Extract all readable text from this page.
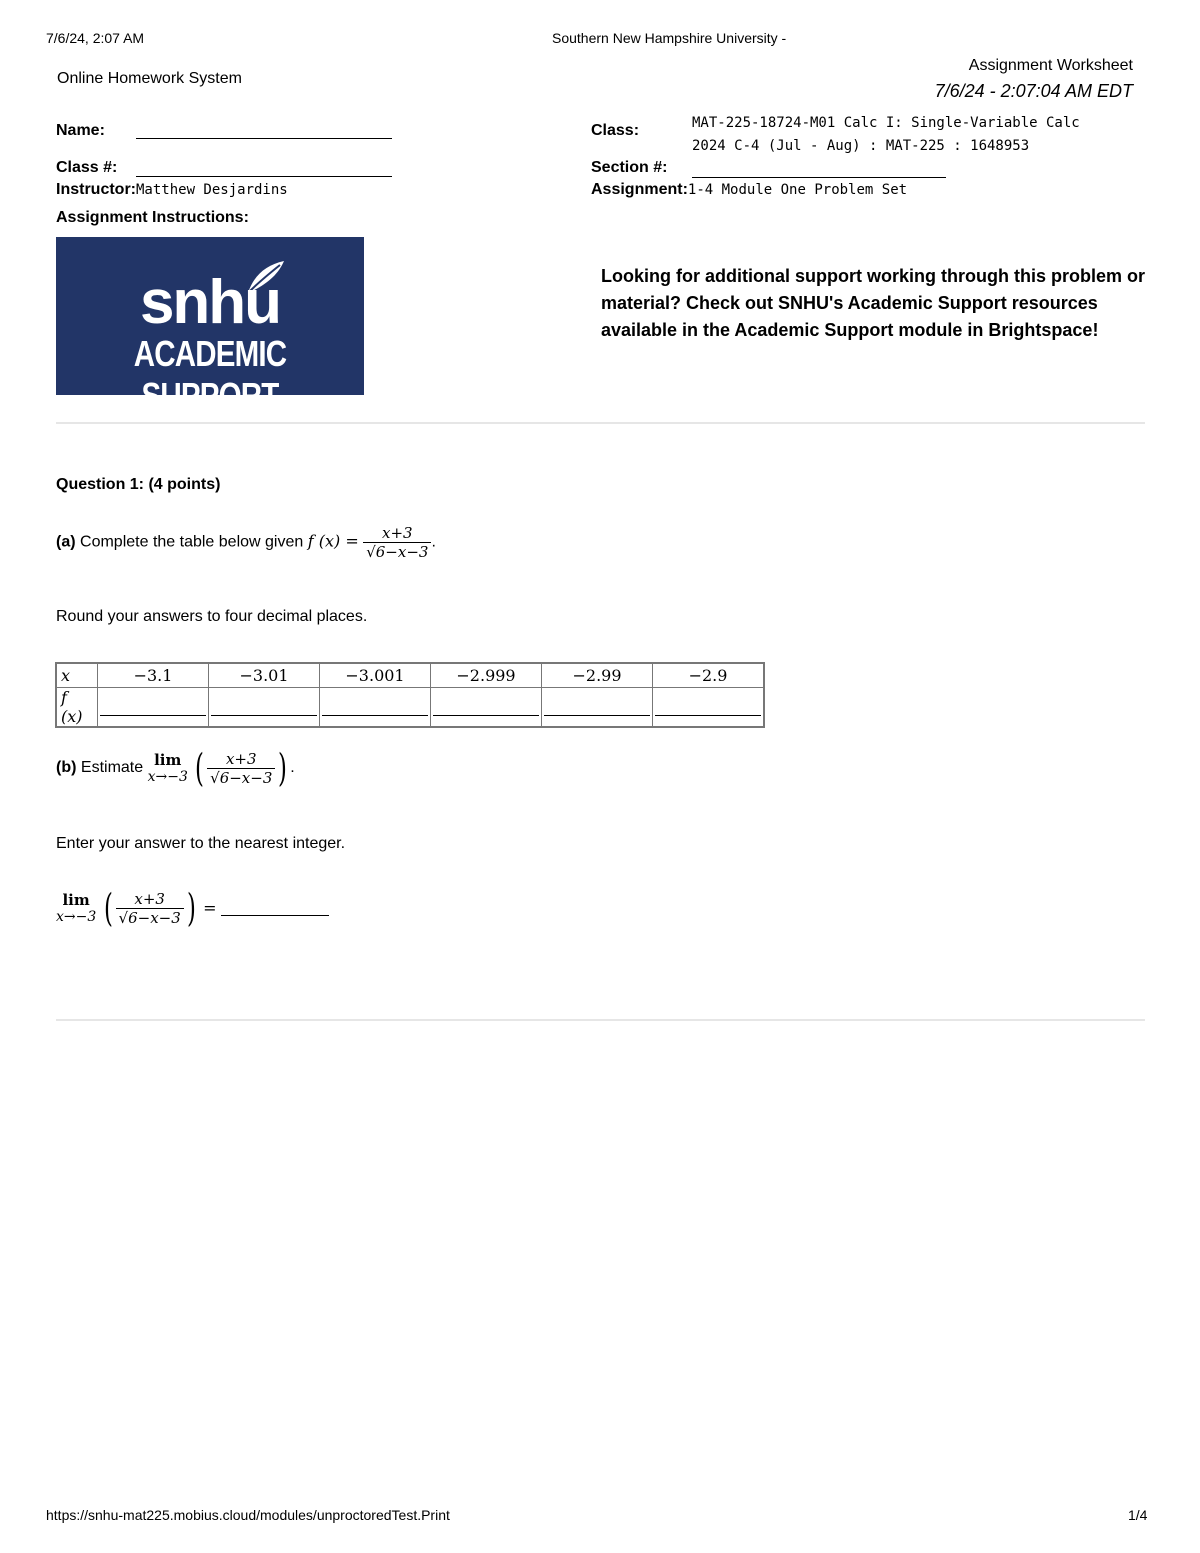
7/6/24, 2:07 AM	Southern New Hampshire University -
Online Homework System
Assignment Worksheet
7/6/24 - 2:07:04 AM EDT
Name:
Class #:
Instructor:Matthew Desjardins
Assignment Instructions:
Class:	MAT-225-18724-M01 Calc I: Single-Variable Calc
2024 C-4 (Jul - Aug) : MAT-225 : 1648953
Section #:
Assignment:1-4 Module One Problem Set
snhu
ACADEMIC SUPPORT
Looking for additional support working through this problem or material? Check out SNHU's Academic Support resources available in the Academic Support module in Brightspace!
Question 1: (4 points)
(a) Complete the table below given f $(x) = \frac{x+3}{√6-x-3}$ .
Round your answers to four decimal places.
x	−3.1	−3.01	−3.001	−2.999	−2.99	−2.9
f (x)	

(b) Estimate lim
x→−3 ( $\frac{x+3}{√6-x-3}$ ) .
Enter your answer to the nearest integer.
lim
x→−3 ( $\frac{x+3}{√6-x-3}$ ) =
https://snhu-mat225.mobius.cloud/modules/unproctoredTest.Print	1/4
